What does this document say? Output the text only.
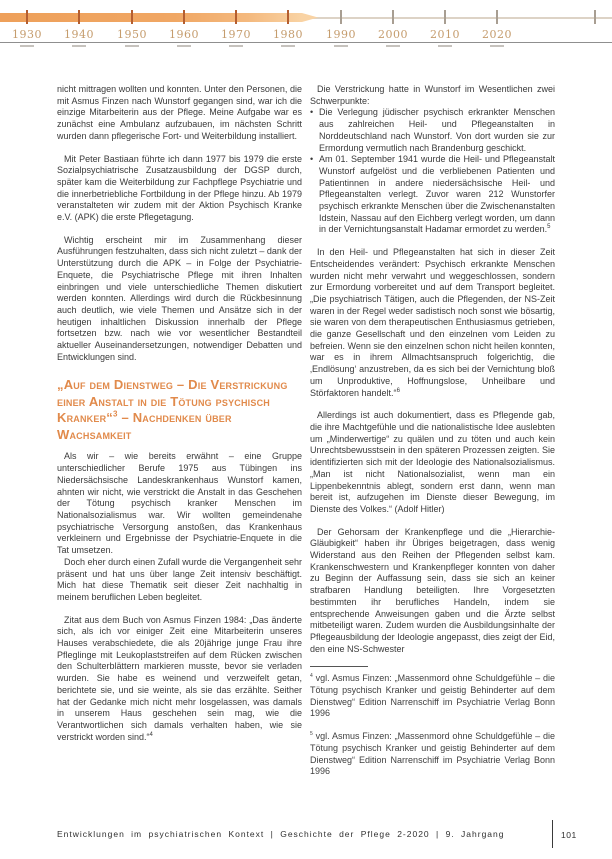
1930 1940 1950 1960 1970 1980 1990 2000 2010 2020

nicht mittragen wollten und konnten. Unter den Personen, die mit Asmus Finzen nach Wunstorf gegangen sind, war ich die einzige Mitarbeiterin aus der Pflege. Meine Aufgabe war es zunächst eine Ambulanz aufzubauen, im nächsten Schritt wurden dann pflegerische Fort- und Weiterbildung installiert.

Mit Peter Bastiaan führte ich dann 1977 bis 1979 die erste Sozialpsychiatrische Zusatzausbildung der DGSP durch, später kam die Weiterbildung zur Fachpflege Psychiatrie und die innerbetriebliche Fortbildung in der Pflege hinzu. Ab 1979 veranstalteten wir zudem mit der Aktion Psychisch Kranke e.V. (APK) die erste Pflegetagung.

Wichtig erscheint mir im Zusammenhang dieser Ausführungen festzuhalten, dass sich nicht zuletzt – dank der Unterstützung durch die APK – in Folge der Psychiatrie-Enquete, die Psychiatrische Pflege mit ihren Inhalten einbringen und viele unterschiedliche Themen diskutiert werden konnten. Allerdings wird durch die Rückbesinnung auch deutlich, wie viele Themen und Ansätze sich in der heutigen inhaltlichen Diskussion innerhalb der Pflege fortsetzen bzw. nach wie vor wesentlicher Bestandteil aktueller Auseinandersetzungen, notwendiger Debatten und Entwicklungen sind.

„Auf dem Dienstweg – Die Verstrickung einer Anstalt in die Tötung psychisch Kranker“$^3$ – Nachdenken über Wachsamkeit

Als wir – wie bereits erwähnt – eine Gruppe unterschiedlicher Berufe 1975 aus Tübingen ins Niedersächsische Landeskrankenhaus Wunstorf kamen, ahnten wir nicht, wie verstrickt die Anstalt in das Geschehen der Tötung psychisch kranker Menschen im Nationalsozialismus war. Wir wollten gemeindenahe psychiatrische Versorgung anstoßen, das Krankenhaus verkleinern und Ergebnisse der Psychiatrie-Enquete in die Tat umsetzen.

Doch eher durch einen Zufall wurde die Vergangenheit sehr präsent und hat uns über lange Zeit intensiv beschäftigt. Mich hat diese Thematik seit dieser Zeit nachhaltig in meinem beruflichen Leben begleitet.

Zitat aus dem Buch von Asmus Finzen 1984: „Das änderte sich, als ich vor einiger Zeit eine Mitarbeiterin unseres Hauses verabschiedete, die als 20jährige junge Frau ihre Pfleglinge mit Leukoplaststreifen auf dem Rücken zwischen den Schulterblättern markieren musste, bevor sie verladen wurden. Sie habe es weinend und verzweifelt getan, berichtete sie, und sie weinte, als sie das erzählte. Seither hat der Gedanke mich nicht mehr losgelassen, was damals in unserem Haus geschehen sein mag, wie die Verantwortlichen sich damals verhalten haben, wie sie verstrickt worden sind.“$^4$

Die Verstrickung hatte in Wunstorf im Wesentlichen zwei Schwerpunkte:

• Die Verlegung jüdischer psychisch erkrankter Menschen aus zahlreichen Heil- und Pflegeanstalten in Norddeutschland nach Wunstorf. Von dort wurden sie zur Ermordung vermutlich nach Brandenburg geschickt.
• Am 01. September 1941 wurde die Heil- und Pflegeanstalt Wunstorf aufgelöst und die verbliebenen Patienten und Patientinnen in andere niedersächsische Heil- und Pflegeanstalten verlegt. Zuvor waren 212 Wunstorfer psychisch erkrankte Menschen über die Zwischenanstalten Idstein, Nassau auf den Eichberg verlegt worden, um dann in der Vernichtungsanstalt Hadamar ermordet zu werden.$^5$

In den Heil- und Pflegeanstalten hat sich in dieser Zeit Entscheidendes verändert: Psychisch erkrankte Menschen wurden nicht mehr verwahrt und weggeschlossen, sondern zur Ermordung vorbereitet und auf dem Transport begleitet. „Die psychiatrisch Tätigen, auch die Pflegenden, der NS-Zeit waren in der Regel weder sadistisch noch sonst wie bösartig, sie waren von dem therapeutischen Enthusiasmus getrieben, die ganze Gesellschaft und den einzelnen vom Leiden zu befreien. Wenn sie den einzelnen schon nicht heilen konnten, war es in ihrem Allmachtsanspruch folgerichtig, die ‚Endlösung‘ anzustreben, da es sich bei der Vernichtung bloß um Unproduktive, Hoffnungslose, Unheilbare und Störfaktoren handelt.“$^6$

Allerdings ist auch dokumentiert, dass es Pflegende gab, die ihre Machtgefühle und die nationalistische Idee auslebten um „Minderwertige“ zu quälen und zu töten und auch kein Unrechtsbewusstsein in den späteren Prozessen zeigten. Sie identifizierten sich mit der Ideologie des Nationalsozialismus. „Man ist nicht Nationalsozialist, wenn man ein Lippenbekenntnis ablegt, sondern erst dann, wenn man bereit ist, aufzugehen im Dienste dieser Bewegung, im Dienste des Volkes.“ (Adolf Hitler)

Der Gehorsam der Krankenpflege und die „Hierarchie-Gläubigkeit“ haben ihr Übriges beigetragen, dass wenig Widerstand aus den Reihen der Pflegenden selbst kam. Krankenschwestern und Krankenpfleger konnten von daher zu Beginn der Auffassung sein, dass sie sich an keiner strafbaren Handlung beteiligten. Ihre Vorgesetzten bestimmten ihr berufliches Handeln, indem sie entsprechende Anweisungen gaben und die Ärzte selbst mitbeteiligt waren. Zudem wurden die Ausbildungsinhalte der Pflegeausbildung der Ideologie angepasst, dies zeigt der Eid, den eine NS-Schwester

$^4$ vgl. Asmus Finzen: „Massenmord ohne Schuldgefühle – die Tötung psychisch Kranker und geistig Behinderter auf dem Dienstweg“ Edition Narrenschiff im Psychiatrie Verlag Bonn 1996

$^5$ vgl. Asmus Finzen: „Massenmord ohne Schuldgefühle – die Tötung psychisch Kranker und geistig Behinderter auf dem Dienstweg“ Edition Narrenschiff im Psychiatrie Verlag Bonn 1996

Entwicklungen im psychiatrischen Kontext | Geschichte der Pflege 2-2020 | 9. Jahrgang	101
